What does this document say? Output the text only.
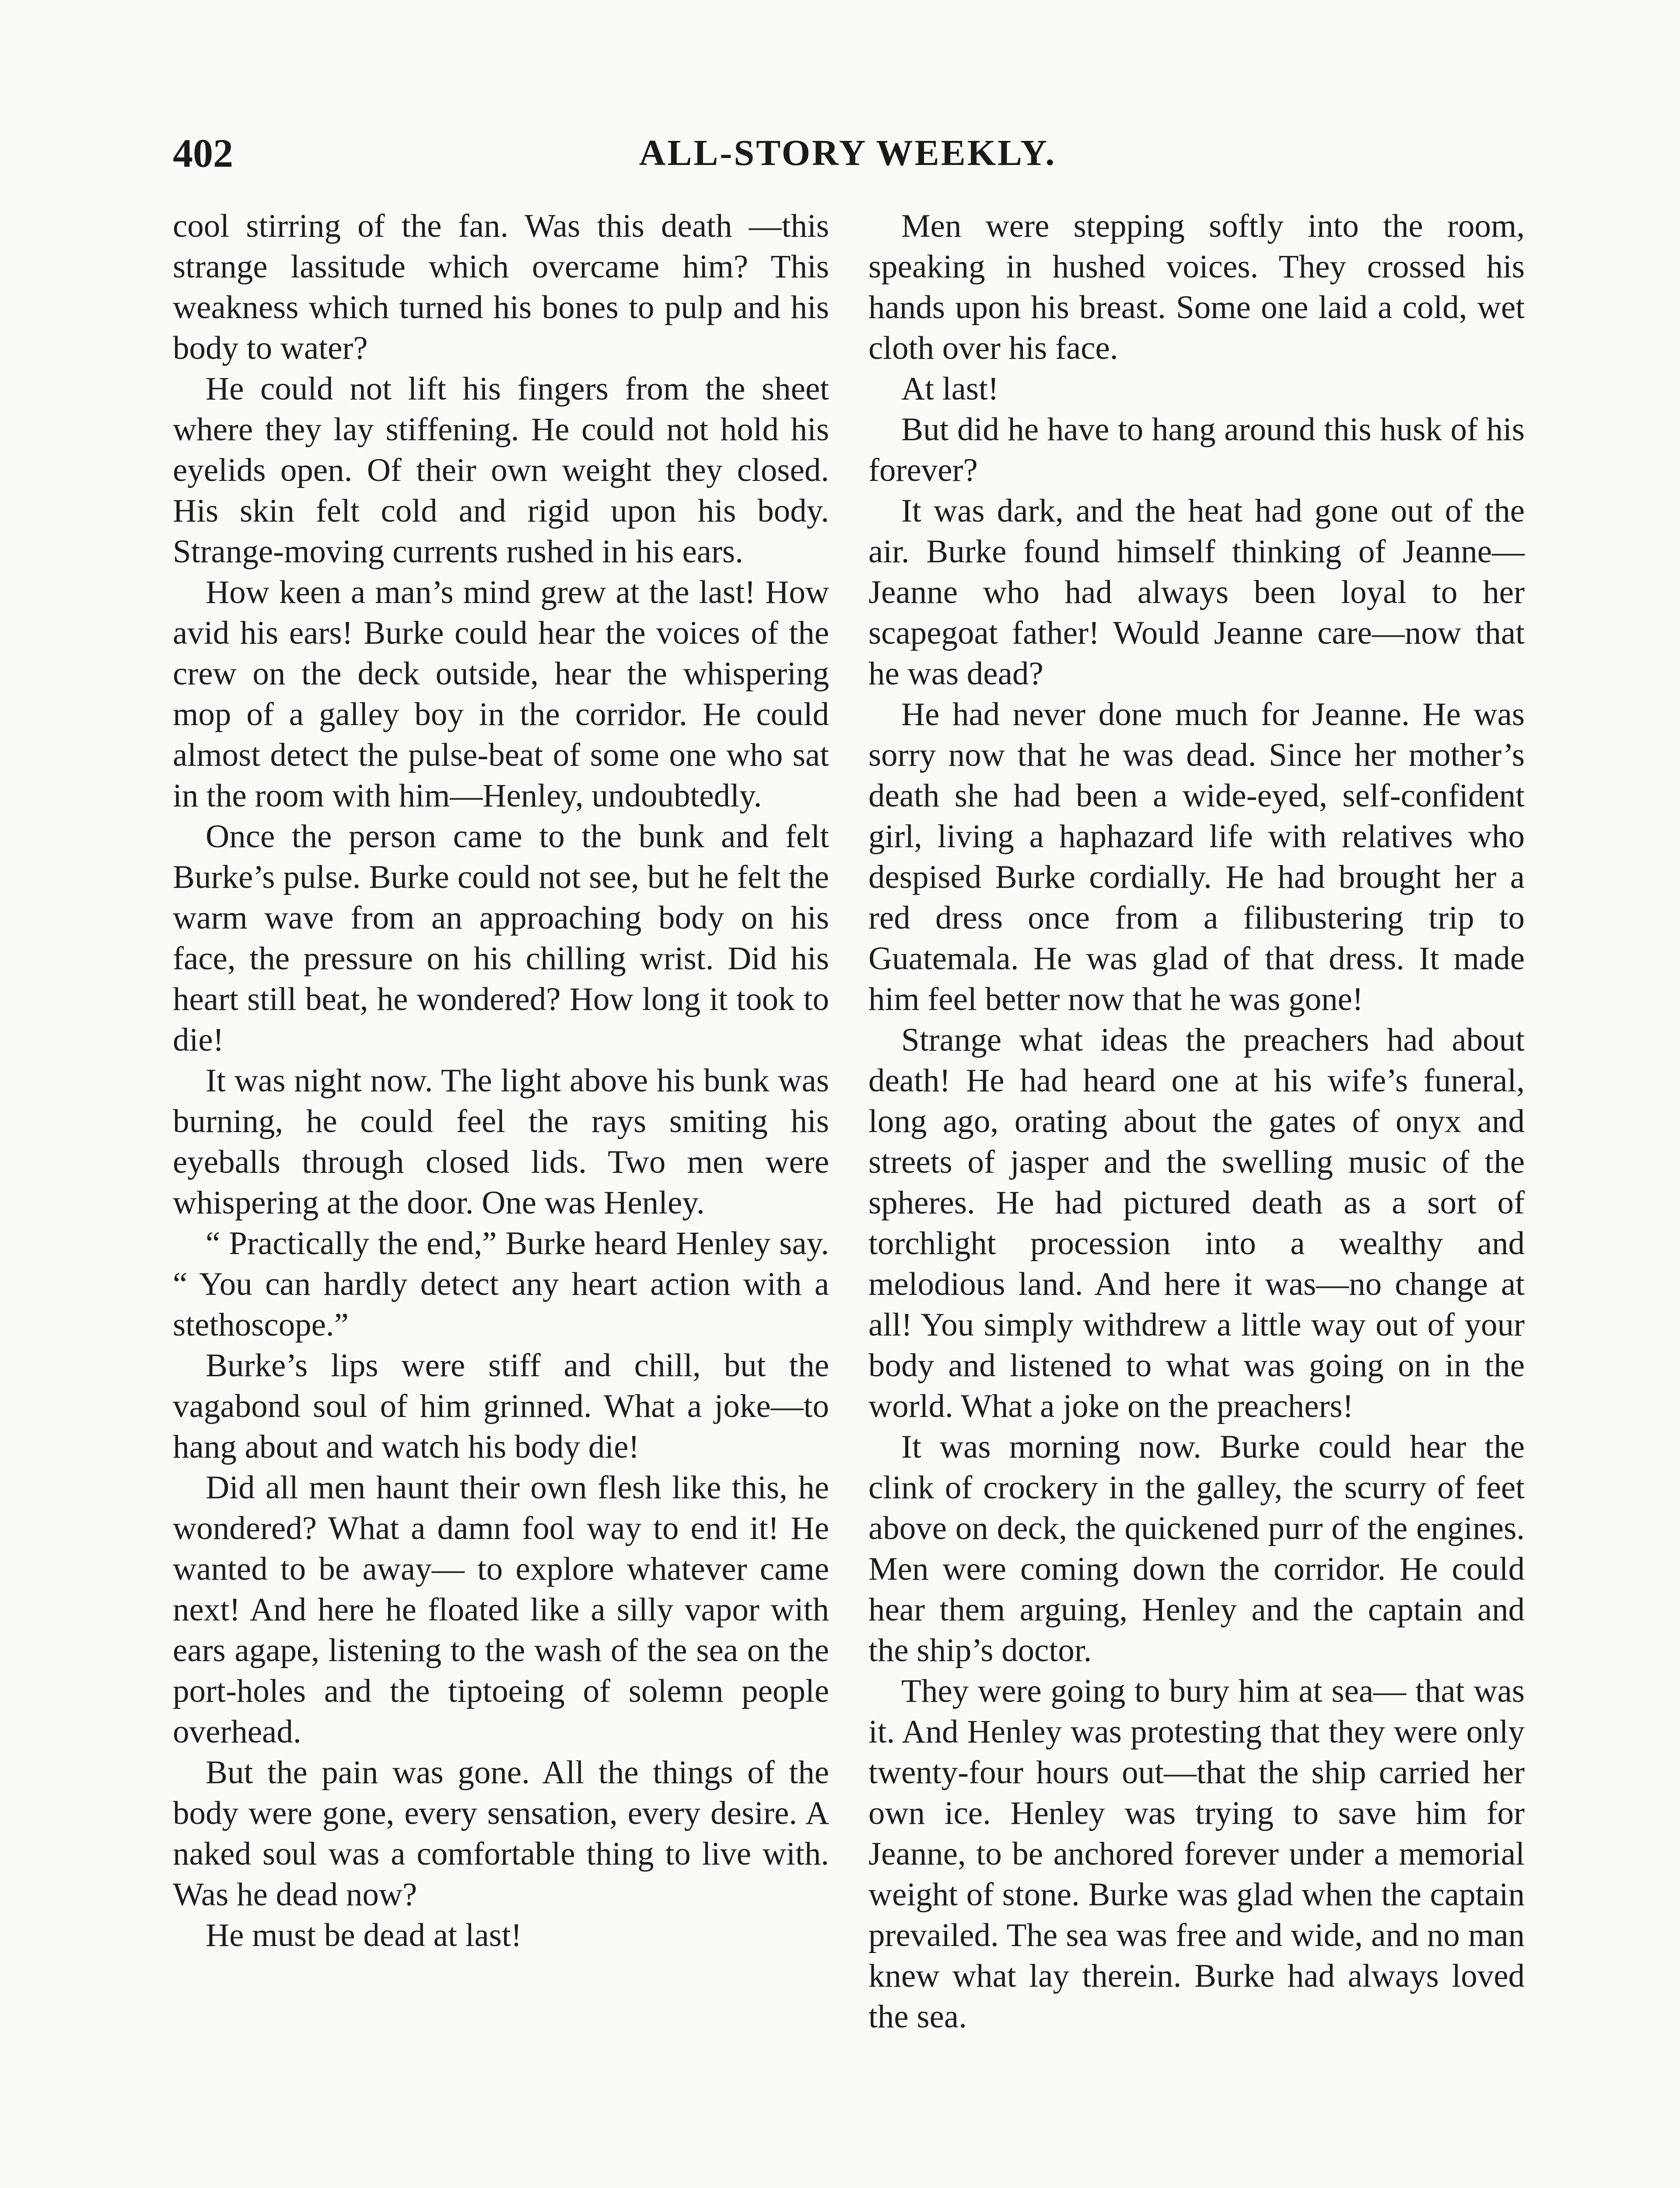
402	ALL-STORY WEEKLY.

cool stirring of the fan. Was this death —this strange lassitude which overcame him? This weakness which turned his bones to pulp and his body to water?

He could not lift his fingers from the sheet where they lay stiffening. He could not hold his eyelids open. Of their own weight they closed. His skin felt cold and rigid upon his body. Strange-moving currents rushed in his ears.

How keen a man’s mind grew at the last! How avid his ears! Burke could hear the voices of the crew on the deck outside, hear the whispering mop of a galley boy in the corridor. He could almost detect the pulse-beat of some one who sat in the room with him—Henley, undoubtedly.

Once the person came to the bunk and felt Burke’s pulse. Burke could not see, but he felt the warm wave from an approaching body on his face, the pressure on his chilling wrist. Did his heart still beat, he wondered? How long it took to die!

It was night now. The light above his bunk was burning, he could feel the rays smiting his eyeballs through closed lids. Two men were whispering at the door. One was Henley.

“ Practically the end,” Burke heard Henley say. “ You can hardly detect any heart action with a stethoscope.”

Burke’s lips were stiff and chill, but the vagabond soul of him grinned. What a joke—to hang about and watch his body die!

Did all men haunt their own flesh like this, he wondered? What a damn fool way to end it! He wanted to be away— to explore whatever came next! And here he floated like a silly vapor with ears agape, listening to the wash of the sea on the port-holes and the tiptoeing of solemn people overhead.

But the pain was gone. All the things of the body were gone, every sensation, every desire. A naked soul was a comfortable thing to live with. Was he dead now?

He must be dead at last!

Men were stepping softly into the room, speaking in hushed voices. They crossed his hands upon his breast. Some one laid a cold, wet cloth over his face.

At last!

But did he have to hang around this husk of his forever?

It was dark, and the heat had gone out of the air. Burke found himself thinking of Jeanne—Jeanne who had always been loyal to her scapegoat father! Would Jeanne care—now that he was dead?

He had never done much for Jeanne. He was sorry now that he was dead. Since her mother’s death she had been a wide-eyed, self-confident girl, living a haphazard life with relatives who despised Burke cordially. He had brought her a red dress once from a filibustering trip to Guatemala. He was glad of that dress. It made him feel better now that he was gone!

Strange what ideas the preachers had about death! He had heard one at his wife’s funeral, long ago, orating about the gates of onyx and streets of jasper and the swelling music of the spheres. He had pictured death as a sort of torchlight procession into a wealthy and melodious land. And here it was—no change at all! You simply withdrew a little way out of your body and listened to what was going on in the world. What a joke on the preachers!

It was morning now. Burke could hear the clink of crockery in the galley, the scurry of feet above on deck, the quickened purr of the engines. Men were coming down the corridor. He could hear them arguing, Henley and the captain and the ship’s doctor.

They were going to bury him at sea— that was it. And Henley was protesting that they were only twenty-four hours out—that the ship carried her own ice. Henley was trying to save him for Jeanne, to be anchored forever under a memorial weight of stone. Burke was glad when the captain prevailed. The sea was free and wide, and no man knew what lay therein. Burke had always loved the sea.
